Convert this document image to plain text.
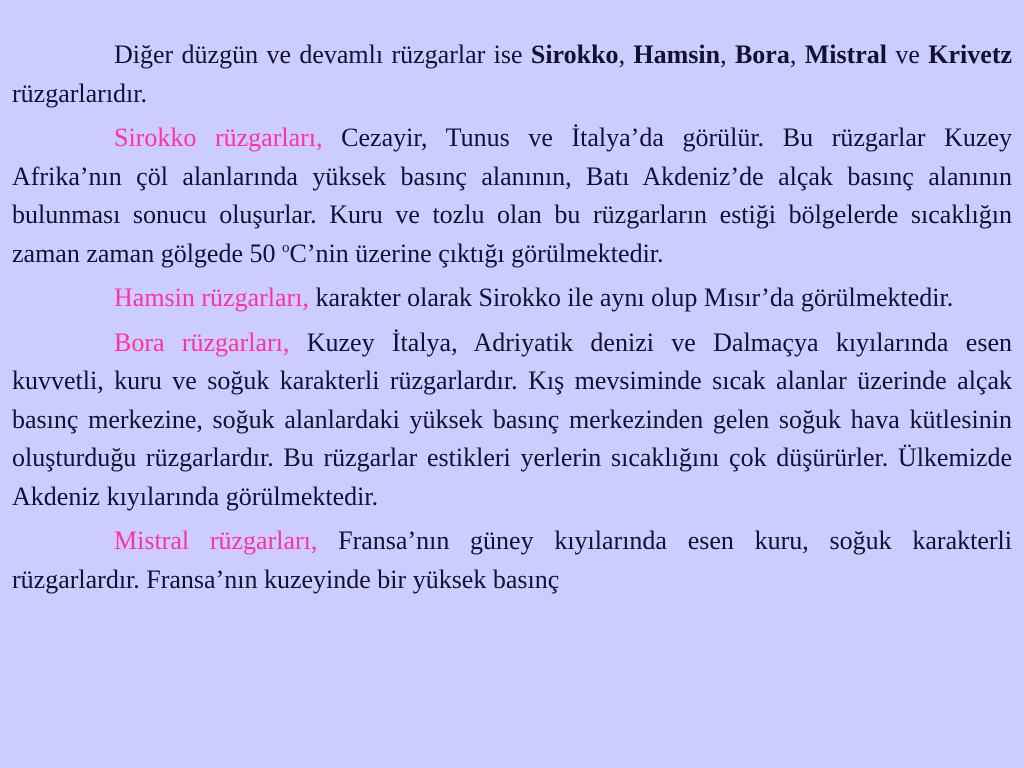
Diğer düzgün ve devamlı rüzgarlar ise Sirokko, Hamsin, Bora, Mistral ve Krivetz rüzgarlarıdır.

Sirokko rüzgarları, Cezayir, Tunus ve İtalya’da görülür. Bu rüzgarlar Kuzey Afrika’nın çöl alanlarında yüksek basınç alanının, Batı Akdeniz’de alçak basınç alanının bulunması sonucu oluşurlar. Kuru ve tozlu olan bu rüzgarların estiği bölgelerde sıcaklığın zaman zaman gölgede 50 $^o$C’nin üzerine çıktığı görülmektedir.

Hamsin rüzgarları, karakter olarak Sirokko ile aynı olup Mısır’da görülmektedir.

Bora rüzgarları, Kuzey İtalya, Adriyatik denizi ve Dalmaçya kıyılarında esen kuvvetli, kuru ve soğuk karakterli rüzgarlardır. Kış mevsiminde sıcak alanlar üzerinde alçak basınç merkezine, soğuk alanlardaki yüksek basınç merkezinden gelen soğuk hava kütlesinin oluşturduğu rüzgarlardır. Bu rüzgarlar estikleri yerlerin sıcaklığını çok düşürürler. Ülkemizde Akdeniz kıyılarında görülmektedir.

Mistral rüzgarları, Fransa’nın güney kıyılarında esen kuru, soğuk karakterli rüzgarlardır. Fransa’nın kuzeyinde bir yüksek basınç
